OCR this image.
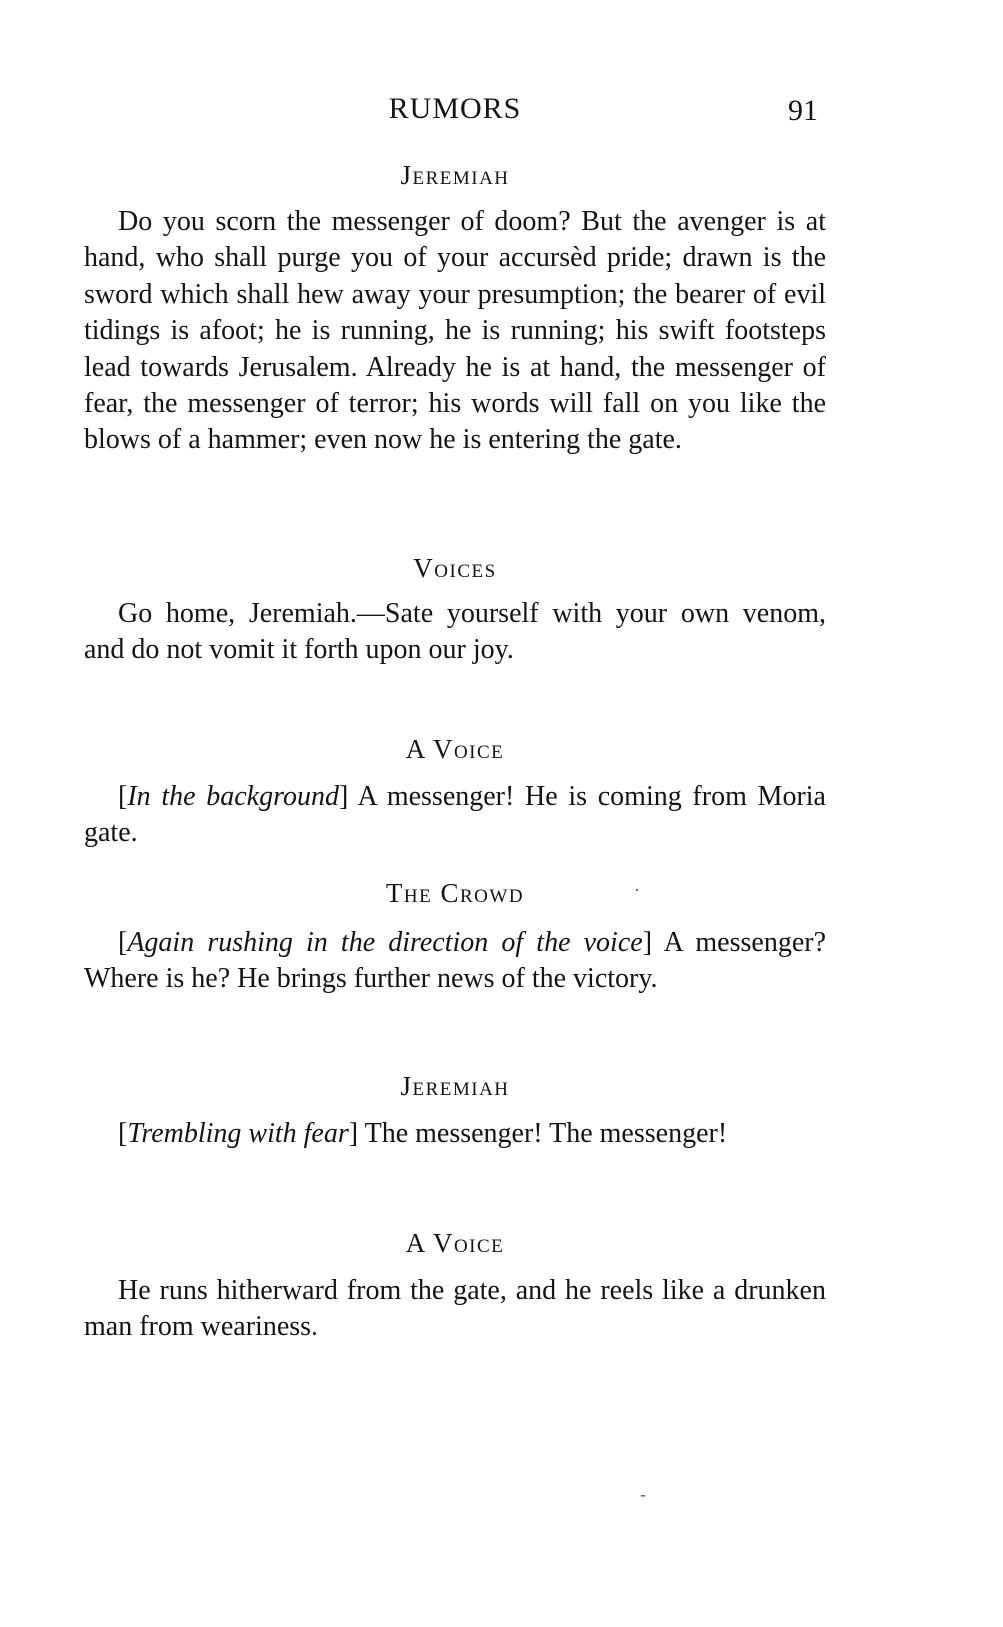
RUMORS	91
Jeremiah
Do you scorn the messenger of doom? But the avenger is at hand, who shall purge you of your accursèd pride; drawn is the sword which shall hew away your presumption; the bearer of evil tidings is afoot; he is running, he is running; his swift footsteps lead towards Jerusalem. Already he is at hand, the messenger of fear, the messenger of terror; his words will fall on you like the blows of a hammer; even now he is entering the gate.
Voices
Go home, Jeremiah.—Sate yourself with your own venom, and do not vomit it forth upon our joy.
A Voice
[In the background] A messenger! He is coming from Moria gate.
The Crowd
[Again rushing in the direction of the voice] A messenger? Where is he? He brings further news of the victory.
Jeremiah
[Trembling with fear] The messenger! The messenger!
A Voice
He runs hitherward from the gate, and he reels like a drunken man from weariness.
·
-
